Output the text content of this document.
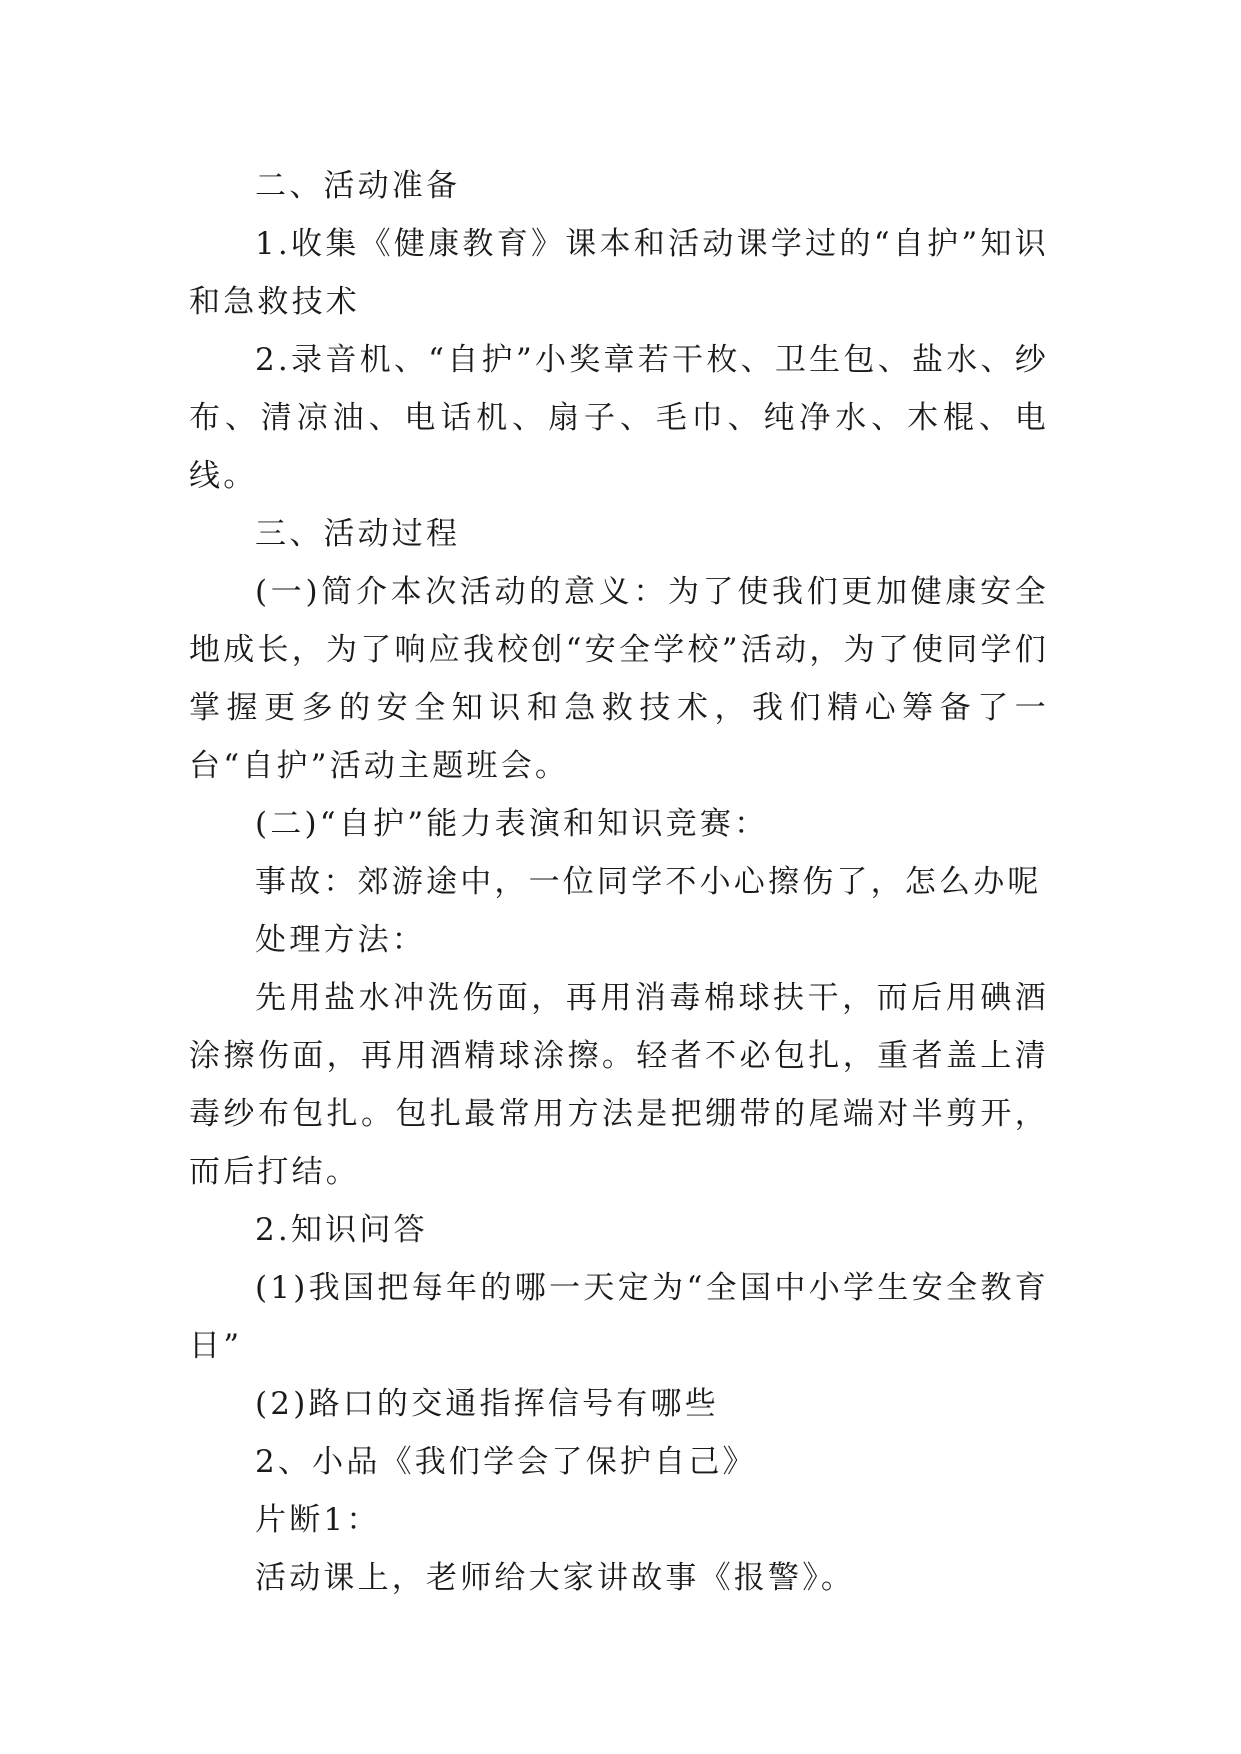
二、活动准备

1.收集《健康教育》课本和活动课学过的“自护”知识和急救技术

2.录音机、“自护”小奖章若干枚、卫生包、盐水、纱布、清凉油、电话机、扇子、毛巾、纯净水、木棍、电线。

三、活动过程

(一)简介本次活动的意义：为了使我们更加健康安全地成长，为了响应我校创“安全学校”活动，为了使同学们掌握更多的安全知识和急救技术，我们精心筹备了一台“自护”活动主题班会。

(二)“自护”能力表演和知识竞赛：

事故：郊游途中，一位同学不小心擦伤了，怎么办呢

处理方法：

先用盐水冲洗伤面，再用消毒棉球扶干，而后用碘酒涂擦伤面，再用酒精球涂擦。轻者不必包扎，重者盖上清毒纱布包扎。包扎最常用方法是把绷带的尾端对半剪开，而后打结。

2.知识问答

(1)我国把每年的哪一天定为“全国中小学生安全教育日”

(2)路口的交通指挥信号有哪些

2、小品《我们学会了保护自己》

片断1：

活动课上，老师给大家讲故事《报警》。
